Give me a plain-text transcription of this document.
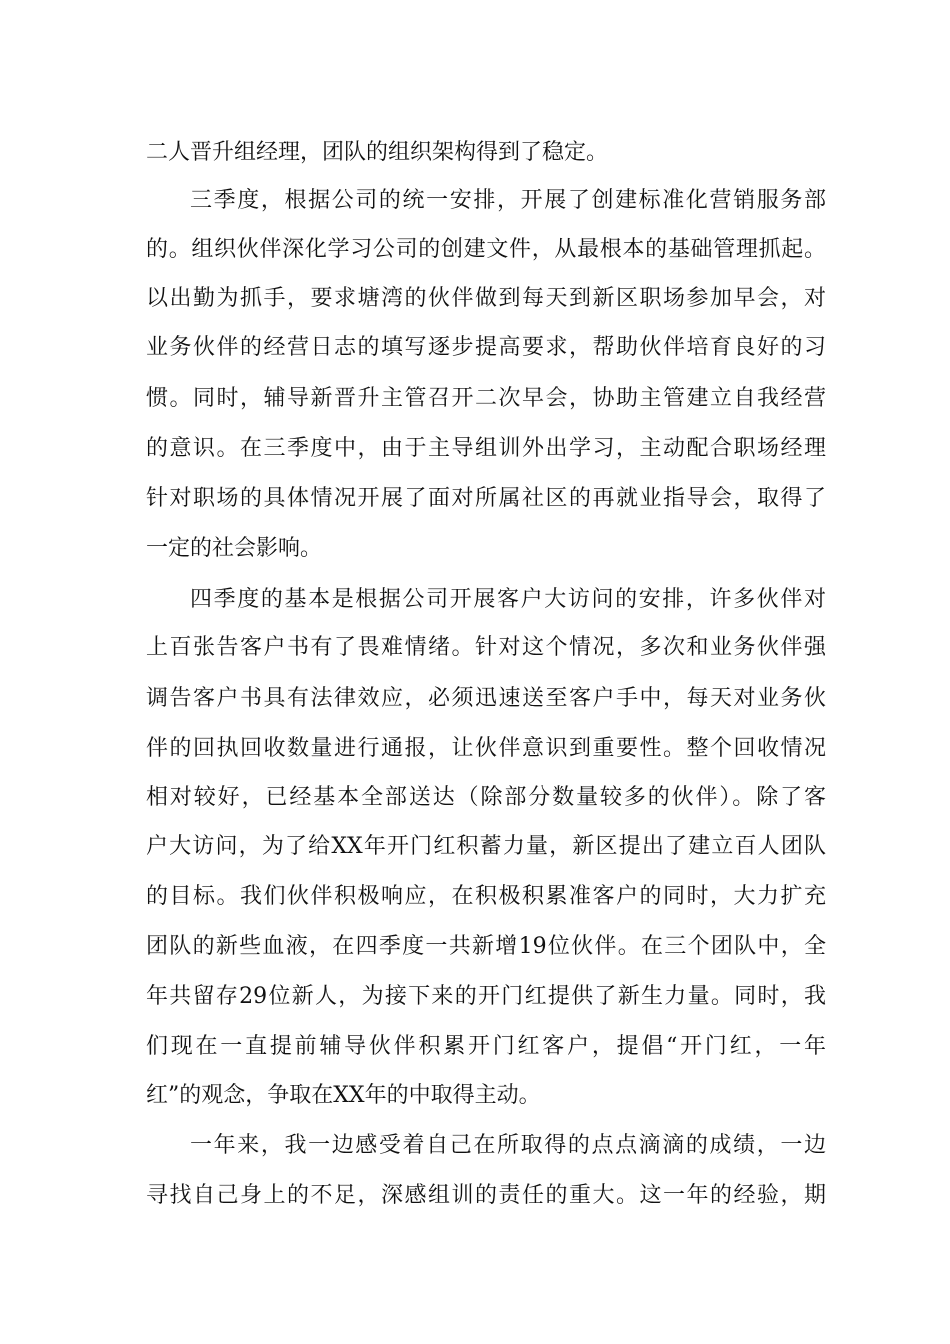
二人晋升组经理，团队的组织架构得到了稳定。
三季度，根据公司的统一安排，开展了创建标准化营销服务部
的。组织伙伴深化学习公司的创建文件，从最根本的基础管理抓起。
以出勤为抓手，要求塘湾的伙伴做到每天到新区职场参加早会，对
业务伙伴的经营日志的填写逐步提高要求，帮助伙伴培育良好的习
惯。同时，辅导新晋升主管召开二次早会，协助主管建立自我经营
的意识。在三季度中，由于主导组训外出学习，主动配合职场经理
针对职场的具体情况开展了面对所属社区的再就业指导会，取得了
一定的社会影响。
四季度的基本是根据公司开展客户大访问的安排，许多伙伴对
上百张告客户书有了畏难情绪。针对这个情况，多次和业务伙伴强
调告客户书具有法律效应，必须迅速送至客户手中，每天对业务伙
伴的回执回收数量进行通报，让伙伴意识到重要性。整个回收情况
相对较好，已经基本全部送达（除部分数量较多的伙伴）。除了客
户大访问，为了给XX年开门红积蓄力量，新区提出了建立百人团队
的目标。我们伙伴积极响应，在积极积累准客户的同时，大力扩充
团队的新些血液，在四季度一共新增19位伙伴。在三个团队中，全
年共留存29位新人，为接下来的开门红提供了新生力量。同时，我
们现在一直提前辅导伙伴积累开门红客户，提倡“开门红，一年
红”的观念，争取在XX年的中取得主动。
一年来，我一边感受着自己在所取得的点点滴滴的成绩，一边
寻找自己身上的不足，深感组训的责任的重大。这一年的经验，期
